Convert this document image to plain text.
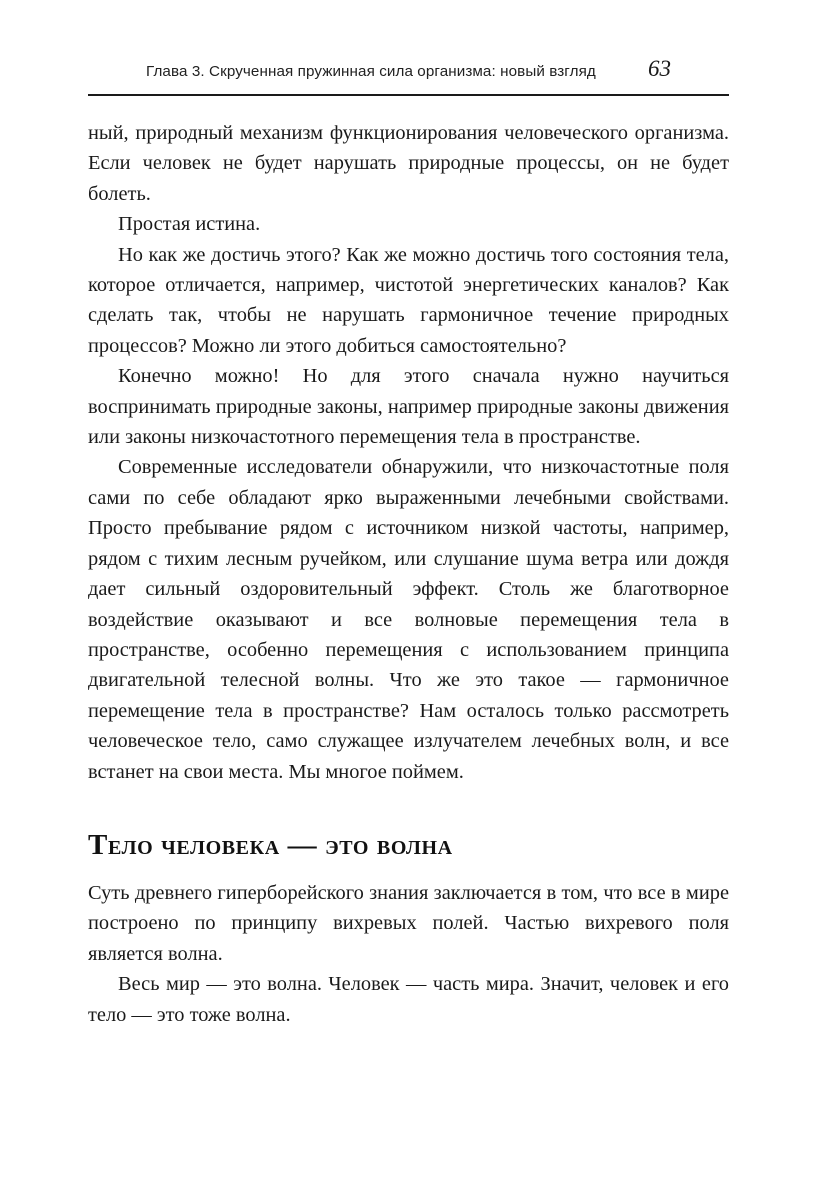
Глава 3. Скрученная пружинная сила организма: новый взгляд	63

ный, природный механизм функционирования человеческого организма. Если человек не будет нарушать природные процессы, он не будет болеть.

Простая истина.

Но как же достичь этого? Как же можно достичь того состояния тела, которое отличается, например, чистотой энергетических каналов? Как сделать так, чтобы не нарушать гармоничное течение природных процессов? Можно ли этого добиться самостоятельно?

Конечно можно! Но для этого сначала нужно научиться воспринимать природные законы, например природные законы движения или законы низкочастотного перемещения тела в пространстве.

Современные исследователи обнаружили, что низкочастотные поля сами по себе обладают ярко выраженными лечебными свойствами. Просто пребывание рядом с источником низкой частоты, например, рядом с тихим лесным ручейком, или слушание шума ветра или дождя дает сильный оздоровительный эффект. Столь же благотворное воздействие оказывают и все волновые перемещения тела в пространстве, особенно перемещения с использованием принципа двигательной телесной волны. Что же это такое — гармоничное перемещение тела в пространстве? Нам осталось только рассмотреть человеческое тело, само служащее излучателем лечебных волн, и все встанет на свои места. Мы многое поймем.

Тело человека — это волна

Суть древнего гиперборейского знания заключается в том, что все в мире построено по принципу вихревых полей. Частью вихревого поля является волна.

Весь мир — это волна. Человек — часть мира. Значит, человек и его тело — это тоже волна.
